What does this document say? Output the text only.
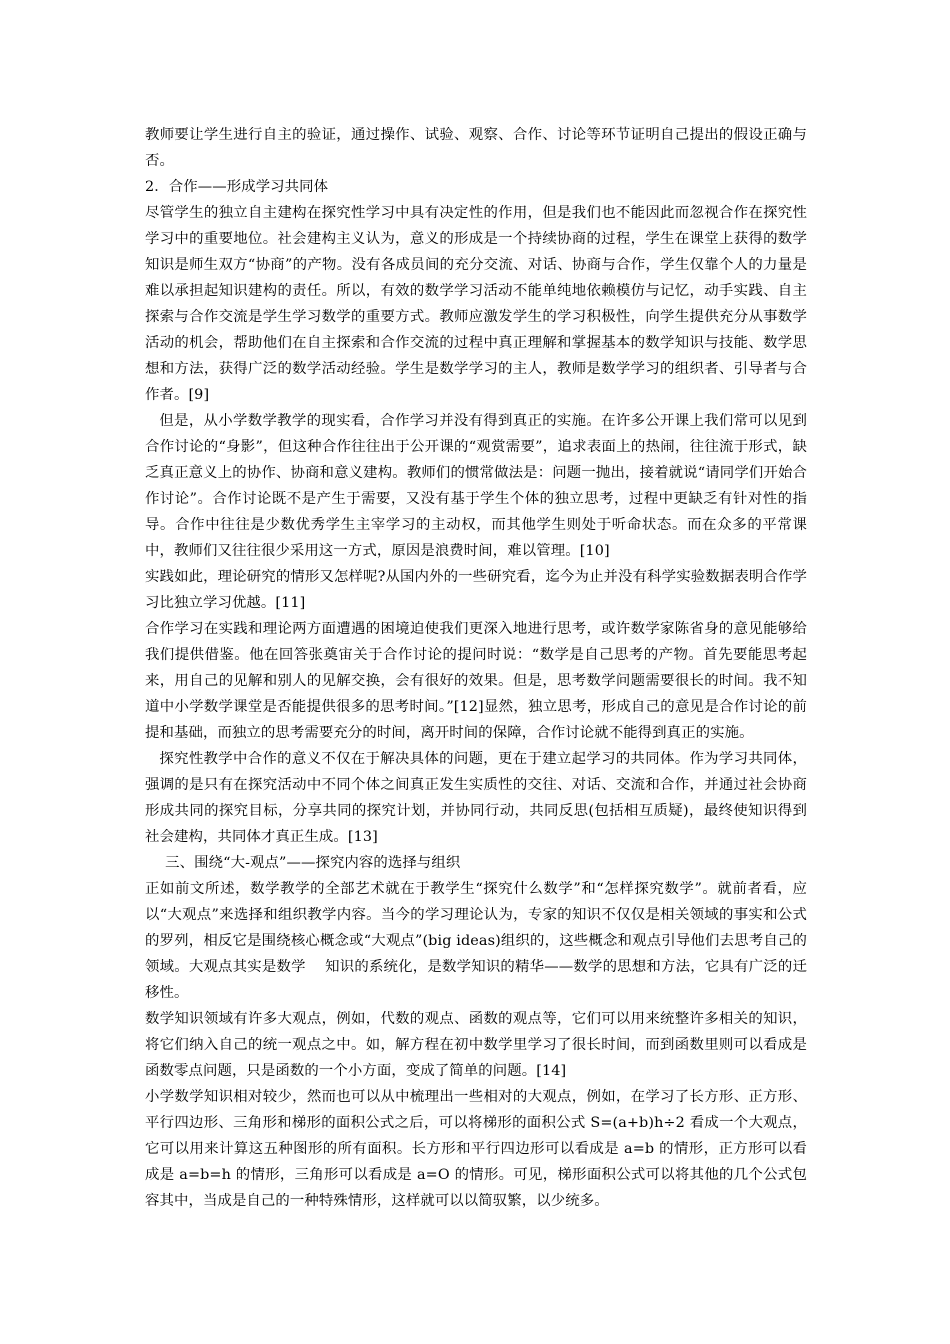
教师要让学生进行自主的验证，通过操作、试验、观察、合作、讨论等环节证明自己提出的假设正确与否。

2．合作——形成学习共同体

尽管学生的独立自主建构在探究性学习中具有决定性的作用，但是我们也不能因此而忽视合作在探究性学习中的重要地位。社会建构主义认为，意义的形成是一个持续协商的过程，学生在课堂上获得的数学知识是师生双方“协商”的产物。没有各成员间的充分交流、对话、协商与合作，学生仅靠个人的力量是难以承担起知识建构的责任。所以，有效的数学学习活动不能单纯地依赖模仿与记忆，动手实践、自主探索与合作交流是学生学习数学的重要方式。教师应激发学生的学习积极性，向学生提供充分从事数学活动的机会，帮助他们在自主探索和合作交流的过程中真正理解和掌握基本的数学知识与技能、数学思想和方法，获得广泛的数学活动经验。学生是数学学习的主人，教师是数学学习的组织者、引导者与合作者。[9]

但是，从小学数学教学的现实看，合作学习并没有得到真正的实施。在许多公开课上我们常可以见到合作讨论的“身影”，但这种合作往往出于公开课的“观赏需要”，追求表面上的热闹，往往流于形式，缺乏真正意义上的协作、协商和意义建构。教师们的惯常做法是：问题一抛出，接着就说“请同学们开始合作讨论”。合作讨论既不是产生于需要，又没有基于学生个体的独立思考，过程中更缺乏有针对性的指导。合作中往往是少数优秀学生主宰学习的主动权，而其他学生则处于听命状态。而在众多的平常课中，教师们又往往很少采用这一方式，原因是浪费时间，难以管理。[10]

实践如此，理论研究的情形又怎样呢?从国内外的一些研究看，迄今为止并没有科学实验数据表明合作学习比独立学习优越。[11]

合作学习在实践和理论两方面遭遇的困境迫使我们更深入地进行思考，或许数学家陈省身的意见能够给我们提供借鉴。他在回答张奠宙关于合作讨论的提问时说：“数学是自己思考的产物。首先要能思考起来，用自己的见解和别人的见解交换，会有很好的效果。但是，思考数学问题需要很长的时间。我不知道中小学数学课堂是否能提供很多的思考时间。”[12]显然，独立思考，形成自己的意见是合作讨论的前提和基础，而独立的思考需要充分的时间，离开时间的保障，合作讨论就不能得到真正的实施。

探究性教学中合作的意义不仅在于解决具体的问题，更在于建立起学习的共同体。作为学习共同体，强调的是只有在探究活动中不同个体之间真正发生实质性的交往、对话、交流和合作，并通过社会协商形成共同的探究目标，分享共同的探究计划，并协同行动，共同反思(包括相互质疑)，最终使知识得到社会建构，共同体才真正生成。[13]

三、围绕“大-观点”——探究内容的选择与组织

正如前文所述，数学教学的全部艺术就在于教学生“探究什么数学”和“怎样探究数学”。就前者看，应以“大观点”来选择和组织教学内容。当今的学习理论认为，专家的知识不仅仅是相关领域的事实和公式的罗列，相反它是围绕核心概念或“大观点”(big ideas)组织的，这些概念和观点引导他们去思考自己的领域。大观点其实是数学　 知识的系统化，是数学知识的精华——数学的思想和方法，它具有广泛的迁移性。

数学知识领域有许多大观点，例如，代数的观点、函数的观点等，它们可以用来统整许多相关的知识，将它们纳入自己的统一观点之中。如，解方程在初中数学里学习了很长时间，而到函数里则可以看成是函数零点问题，只是函数的一个小方面，变成了简单的问题。[14]

小学数学知识相对较少，然而也可以从中梳理出一些相对的大观点，例如，在学习了长方形、正方形、平行四边形、三角形和梯形的面积公式之后，可以将梯形的面积公式 S=(a+b)h÷2 看成一个大观点，它可以用来计算这五种图形的所有面积。长方形和平行四边形可以看成是 a=b 的情形，正方形可以看成是 a=b=h 的情形，三角形可以看成是 a=O 的情形。可见，梯形面积公式可以将其他的几个公式包容其中，当成是自己的一种特殊情形，这样就可以以简驭繁，以少统多。
